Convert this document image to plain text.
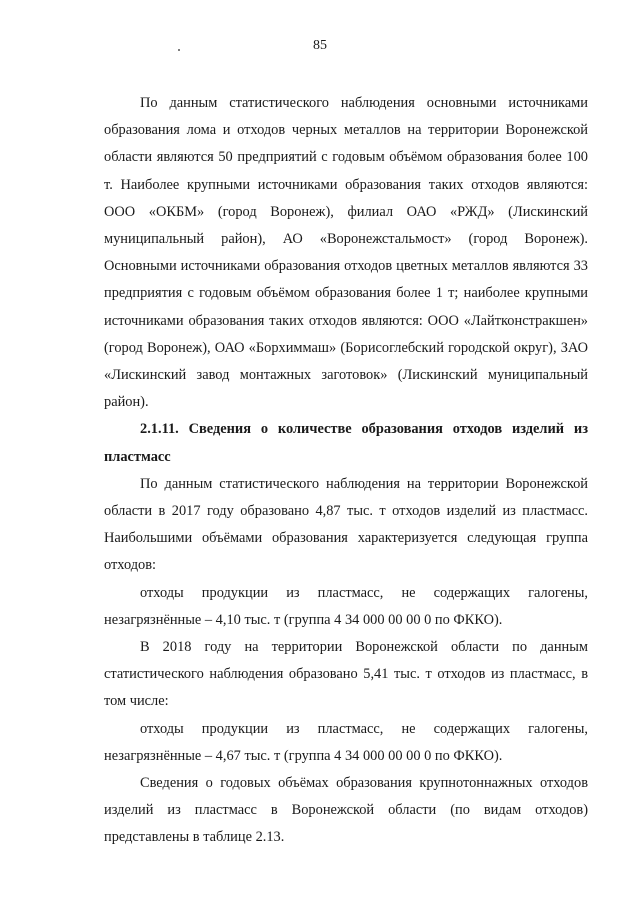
85

По данным статистического наблюдения основными источниками образования лома и отходов черных металлов на территории Воронежской области являются 50 предприятий с годовым объёмом образования более 100 т. Наиболее крупными источниками образования таких отходов являются: ООО «ОКБМ» (город Воронеж), филиал ОАО «РЖД» (Лискинский муниципальный район), АО «Воронежстальмост» (город Воронеж). Основными источниками образования отходов цветных металлов являются 33 предприятия с годовым объёмом образования более 1 т; наиболее крупными источниками образования таких отходов являются: ООО «Лайтконстракшен» (город Воронеж), ОАО «Борхиммаш» (Борисоглебский городской округ), ЗАО «Лискинский завод монтажных заготовок» (Лискинский муниципальный район).

2.1.11. Сведения о количестве образования отходов изделий из пластмасс

По данным статистического наблюдения на территории Воронежской области в 2017 году образовано 4,87 тыс. т отходов изделий из пластмасс. Наибольшими объёмами образования характеризуется следующая группа отходов:

отходы продукции из пластмасс, не содержащих галогены, незагрязнённые – 4,10 тыс. т (группа 4 34 000 00 00 0 по ФККО).

В 2018 году на территории Воронежской области по данным статистического наблюдения образовано 5,41 тыс. т отходов из пластмасс, в том числе:

отходы продукции из пластмасс, не содержащих галогены, незагрязнённые – 4,67 тыс. т (группа 4 34 000 00 00 0 по ФККО).

Сведения о годовых объёмах образования крупнотоннажных отходов изделий из пластмасс в Воронежской области (по видам отходов) представлены в таблице 2.13.
